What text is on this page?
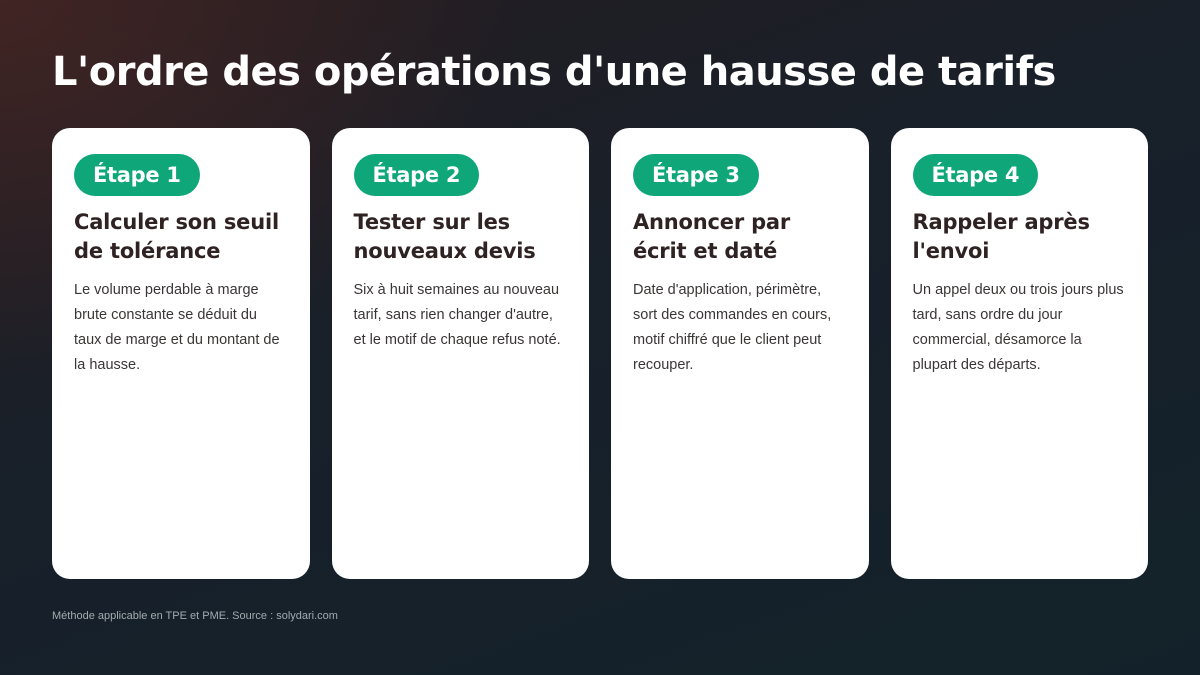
L'ordre des opérations d'une hausse de tarifs
Étape 1
Calculer son seuil de tolérance

Le volume perdable à marge brute constante se déduit du taux de marge et du montant de la hausse.

Étape 2
Tester sur les nouveaux devis

Six à huit semaines au nouveau tarif, sans rien changer d'autre, et le motif de chaque refus noté.

Étape 3
Annoncer par écrit et daté

Date d'application, périmètre, sort des commandes en cours, motif chiffré que le client peut recouper.

Étape 4
Rappeler après l'envoi

Un appel deux ou trois jours plus tard, sans ordre du jour commercial, désamorce la plupart des départs.

Méthode applicable en TPE et PME. Source : solydari.com
